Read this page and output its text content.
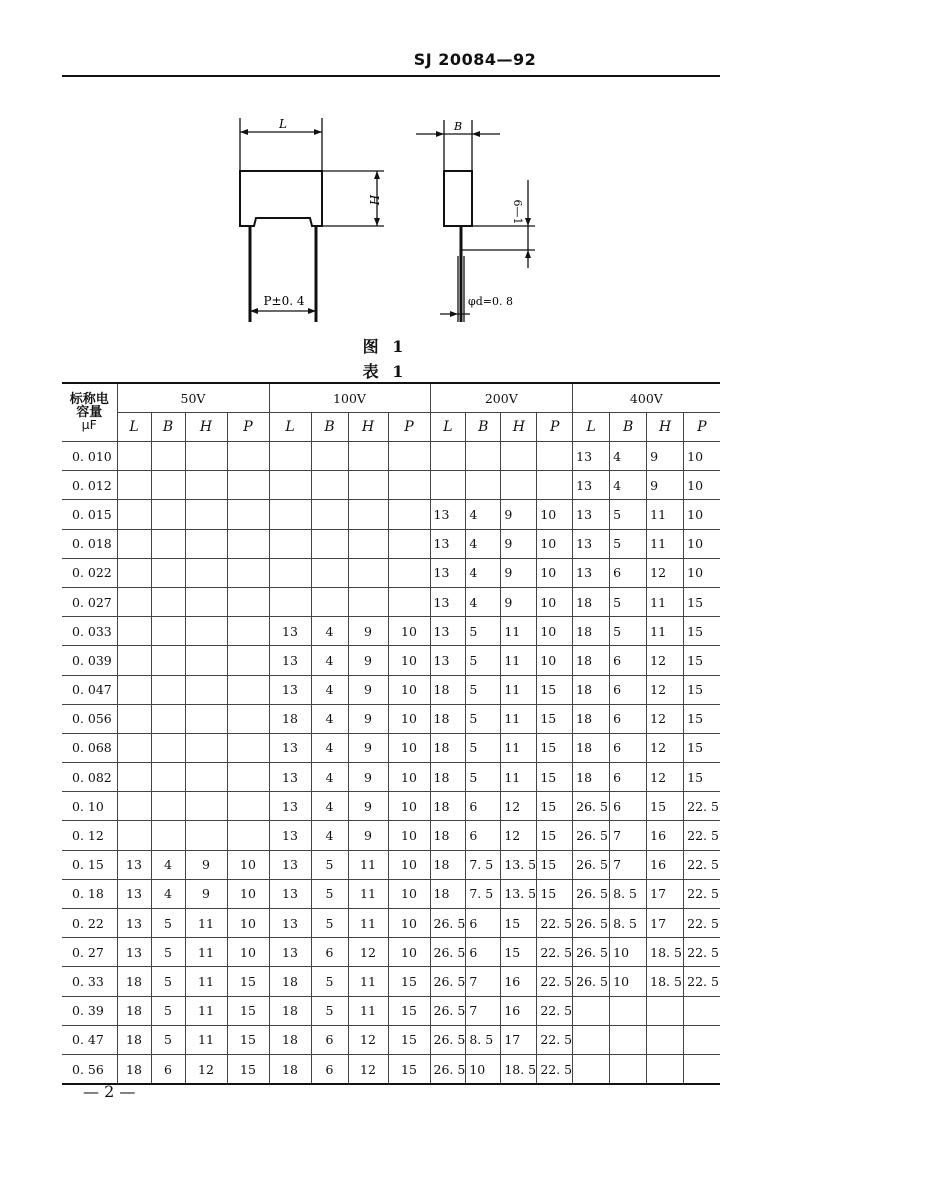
SJ 20084—92
L
H
P±0. 4
B
6—1
φd=0. 8
图 1
表 1
标称电
容量
μF	50V				100V				200V				400V			
	L	B	H	P	L	B	H	P	L	B	H	P	L	B	H	P
0. 010													13	4	9	10
0. 012													13	4	9	10
0. 015									13	4	9	10	13	5	11	10
0. 018									13	4	9	10	13	5	11	10
0. 022									13	4	9	10	13	6	12	10
0. 027									13	4	9	10	18	5	11	15
0. 033					13	4	9	10	13	5	11	10	18	5	11	15
0. 039					13	4	9	10	13	5	11	10	18	6	12	15
0. 047					13	4	9	10	18	5	11	15	18	6	12	15
0. 056					18	4	9	10	18	5	11	15	18	6	12	15
0. 068					13	4	9	10	18	5	11	15	18	6	12	15
0. 082					13	4	9	10	18	5	11	15	18	6	12	15
0. 10					13	4	9	10	18	6	12	15	26. 5	6	15	22. 5
0. 12					13	4	9	10	18	6	12	15	26. 5	7	16	22. 5
0. 15	13	4	9	10	13	5	11	10	18	7. 5	13. 5	15	26. 5	7	16	22. 5
0. 18	13	4	9	10	13	5	11	10	18	7. 5	13. 5	15	26. 5	8. 5	17	22. 5
0. 22	13	5	11	10	13	5	11	10	26. 5	6	15	22. 5	26. 5	8. 5	17	22. 5
0. 27	13	5	11	10	13	6	12	10	26. 5	6	15	22. 5	26. 5	10	18. 5	22. 5
0. 33	18	5	11	15	18	5	11	15	26. 5	7	16	22. 5	26. 5	10	18. 5	22. 5
0. 39	18	5	11	15	18	5	11	15	26. 5	7	16	22. 5				
0. 47	18	5	11	15	18	6	12	15	26. 5	8. 5	17	22. 5				
0. 56	18	6	12	15	18	6	12	15	26. 5	10	18. 5	22. 5				
— 2 —
